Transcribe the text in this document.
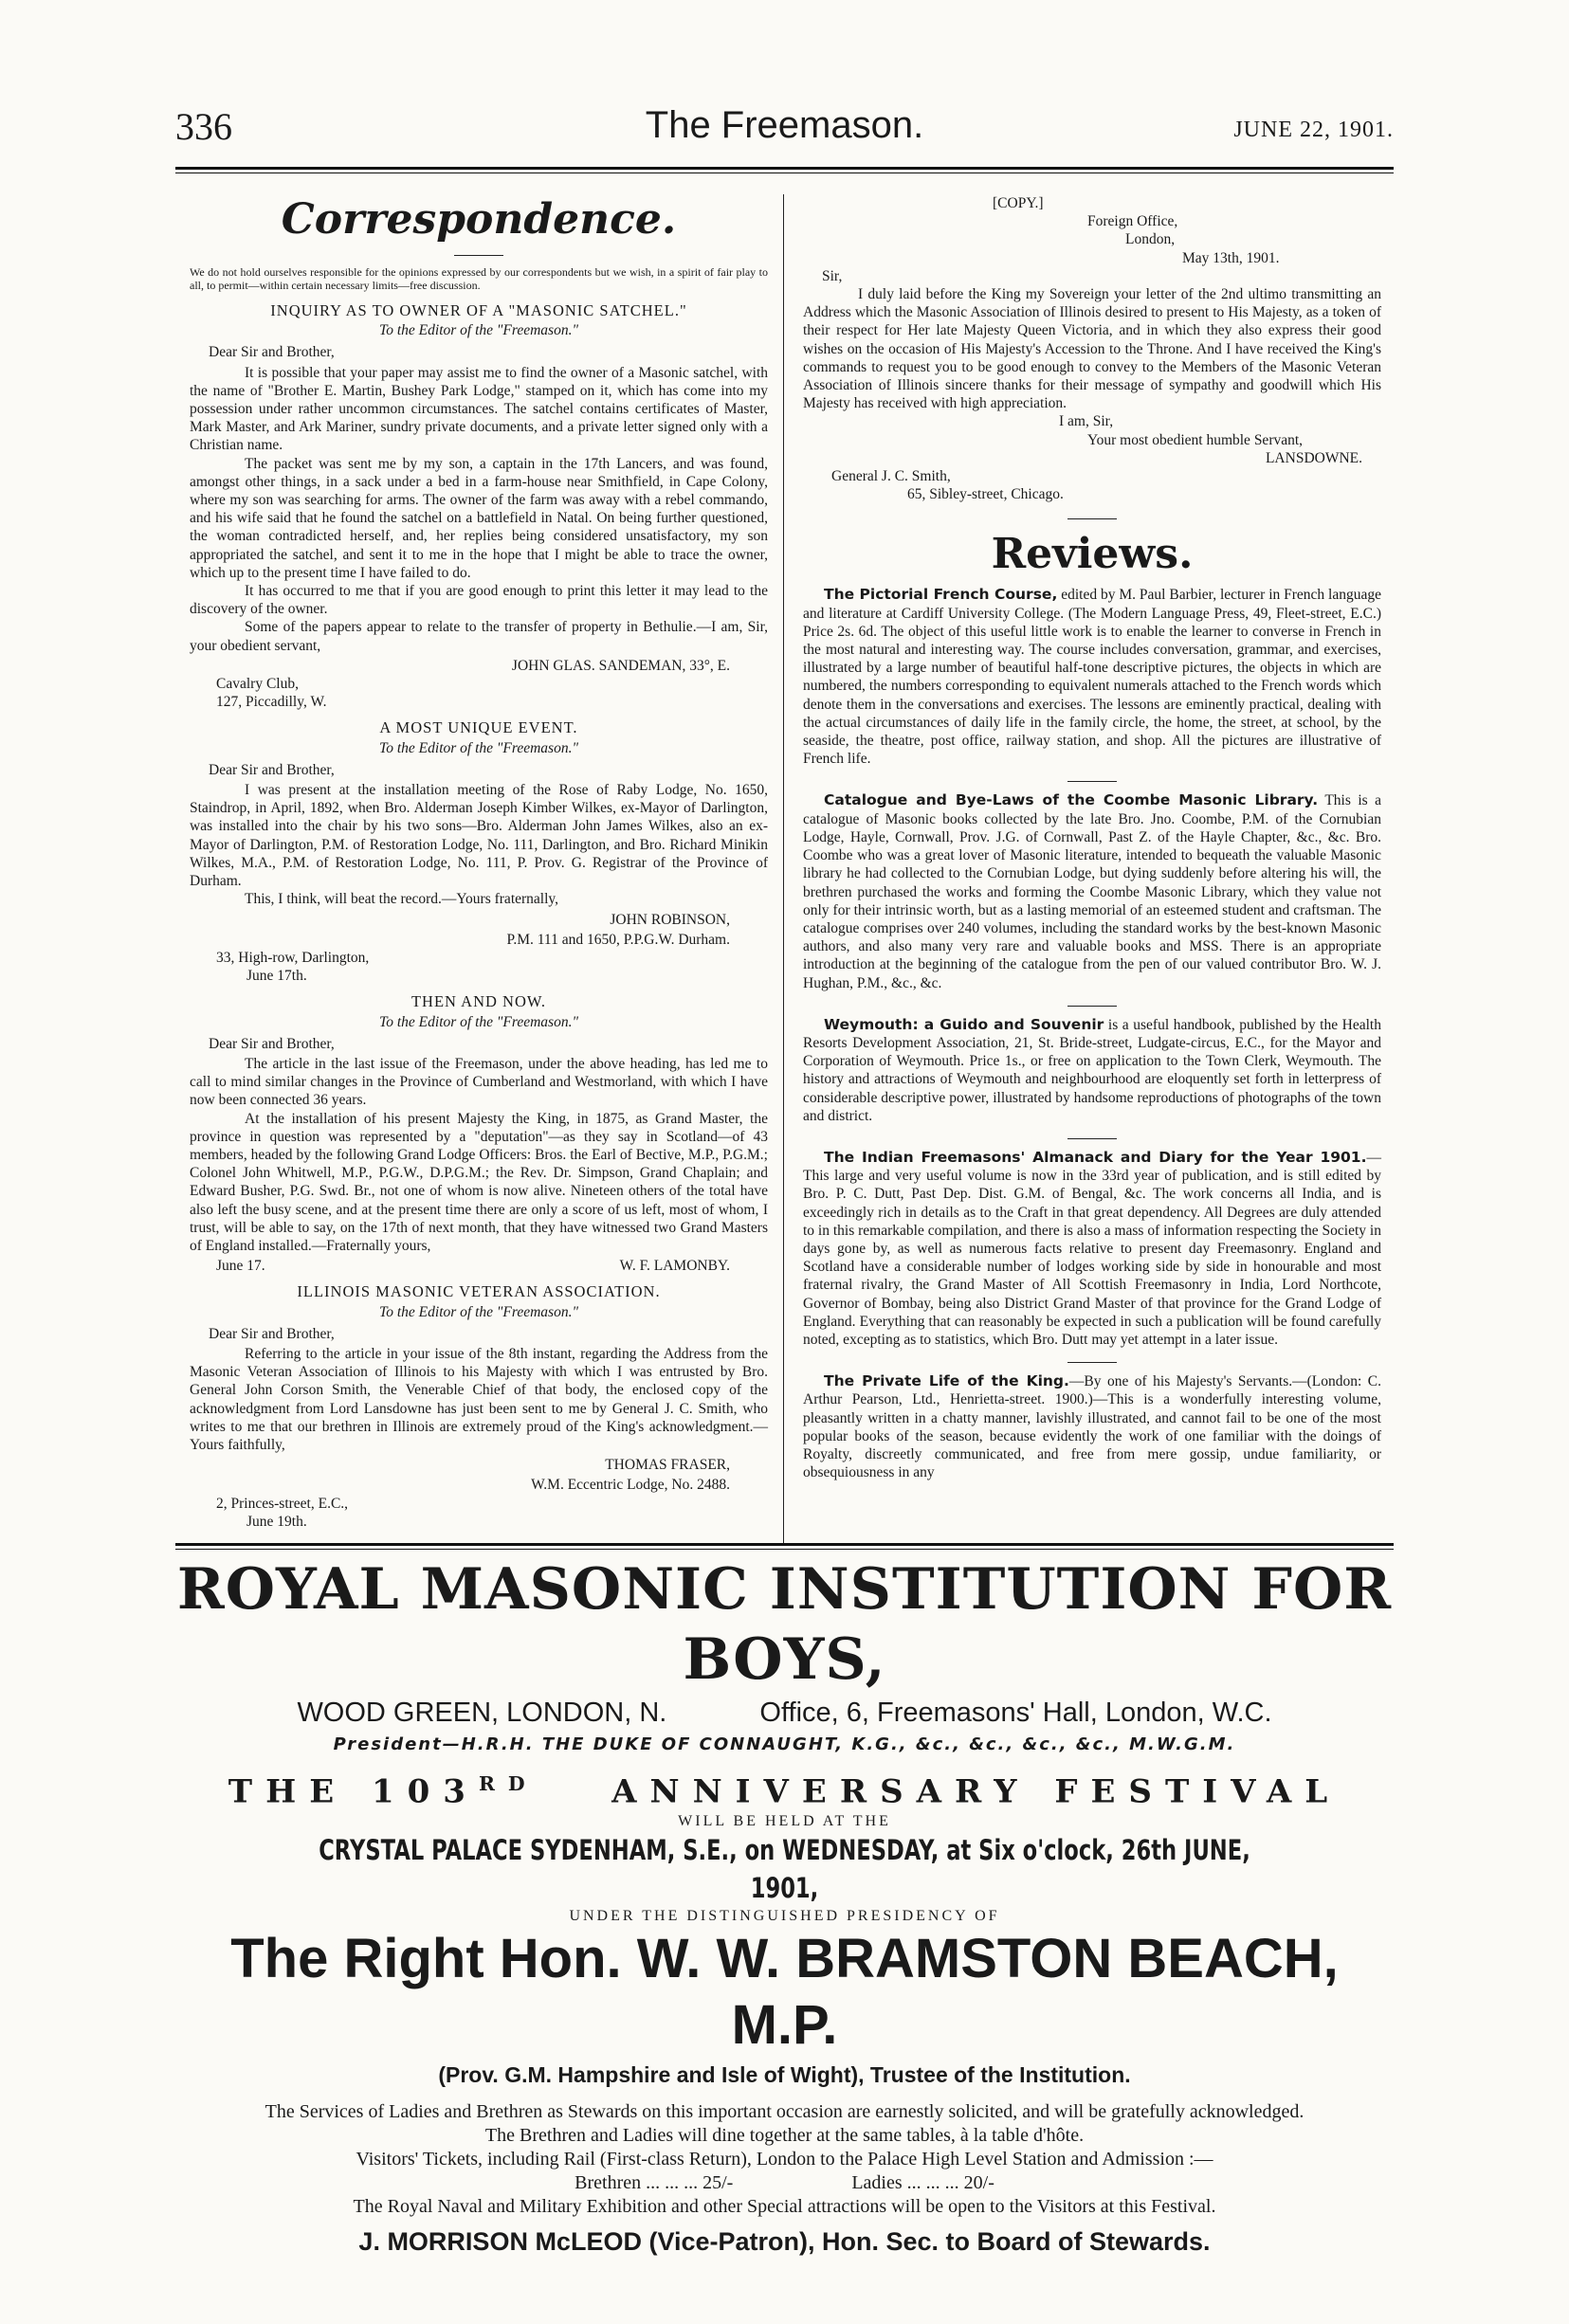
336	The Freemason.	JUNE 22, 1901.
Correspondence.
We do not hold ourselves responsible for the opinions expressed by our correspondents but we wish, in a spirit of fair play to all, to permit—within certain necessary limits—free discussion.
INQUIRY AS TO OWNER OF A "MASONIC SATCHEL."
To the Editor of the "Freemason."
Dear Sir and Brother,

It is possible that your paper may assist me to find the owner of a Masonic satchel, with the name of "Brother E. Martin, Bushey Park Lodge," stamped on it, which has come into my possession under rather uncommon circumstances. The satchel contains certificates of Master, Mark Master, and Ark Mariner, sundry private documents, and a private letter signed only with a Christian name.

The packet was sent me by my son, a captain in the 17th Lancers, and was found, amongst other things, in a sack under a bed in a farm-house near Smithfield, in Cape Colony, where my son was searching for arms. The owner of the farm was away with a rebel commando, and his wife said that he found the satchel on a battlefield in Natal. On being further questioned, the woman contradicted herself, and, her replies being considered unsatisfactory, my son appropriated the satchel, and sent it to me in the hope that I might be able to trace the owner, which up to the present time I have failed to do.

It has occurred to me that if you are good enough to print this letter it may lead to the discovery of the owner.

Some of the papers appear to relate to the transfer of property in Bethulie.—I am, Sir, your obedient servant,

JOHN GLAS. SANDEMAN, 33°, E.
Cavalry Club,
127, Piccadilly, W.
A MOST UNIQUE EVENT.
To the Editor of the "Freemason."
Dear Sir and Brother,

I was present at the installation meeting of the Rose of Raby Lodge, No. 1650, Staindrop, in April, 1892, when Bro. Alderman Joseph Kimber Wilkes, ex-Mayor of Darlington, was installed into the chair by his two sons—Bro. Alderman John James Wilkes, also an ex-Mayor of Darlington, P.M. of Restoration Lodge, No. 111, Darlington, and Bro. Richard Minikin Wilkes, M.A., P.M. of Restoration Lodge, No. 111, P. Prov. G. Registrar of the Province of Durham.

This, I think, will beat the record.—Yours fraternally,

JOHN ROBINSON,
P.M. 111 and 1650, P.P.G.W. Durham.
33, High-row, Darlington,
June 17th.
THEN AND NOW.
To the Editor of the "Freemason."
Dear Sir and Brother,

The article in the last issue of the Freemason, under the above heading, has led me to call to mind similar changes in the Province of Cumberland and Westmorland, with which I have now been connected 36 years.

At the installation of his present Majesty the King, in 1875, as Grand Master, the province in question was represented by a "deputation"—as they say in Scotland—of 43 members, headed by the following Grand Lodge Officers: Bros. the Earl of Bective, M.P., P.G.M.; Colonel John Whitwell, M.P., P.G.W., D.P.G.M.; the Rev. Dr. Simpson, Grand Chaplain; and Edward Busher, P.G. Swd. Br., not one of whom is now alive. Nineteen others of the total have also left the busy scene, and at the present time there are only a score of us left, most of whom, I trust, will be able to say, on the 17th of next month, that they have witnessed two Grand Masters of England installed.—Fraternally yours,

June 17.	W. F. LAMONBY.
ILLINOIS MASONIC VETERAN ASSOCIATION.
To the Editor of the "Freemason."
Dear Sir and Brother,

Referring to the article in your issue of the 8th instant, regarding the Address from the Masonic Veteran Association of Illinois to his Majesty with which I was entrusted by Bro. General John Corson Smith, the Venerable Chief of that body, the enclosed copy of the acknowledgment from Lord Lansdowne has just been sent to me by General J. C. Smith, who writes to me that our brethren in Illinois are extremely proud of the King's acknowledgment.—Yours faithfully,

THOMAS FRASER,
W.M. Eccentric Lodge, No. 2488.
2, Princes-street, E.C.,
June 19th.
[COPY.]
Foreign Office,
London,
May 13th, 1901.
Sir,

I duly laid before the King my Sovereign your letter of the 2nd ultimo transmitting an Address which the Masonic Association of Illinois desired to present to His Majesty, as a token of their respect for Her late Majesty Queen Victoria, and in which they also express their good wishes on the occasion of His Majesty's Accession to the Throne. And I have received the King's commands to request you to be good enough to convey to the Members of the Masonic Veteran Association of Illinois sincere thanks for their message of sympathy and goodwill which His Majesty has received with high appreciation.

I am, Sir,
Your most obedient humble Servant,
LANSDOWNE.
General J. C. Smith,
65, Sibley-street, Chicago.
Reviews.

The Pictorial French Course, edited by M. Paul Barbier, lecturer in French language and literature at Cardiff University College. (The Modern Language Press, 49, Fleet-street, E.C.) Price 2s. 6d. The object of this useful little work is to enable the learner to converse in French in the most natural and interesting way. The course includes conversation, grammar, and exercises, illustrated by a large number of beautiful half-tone descriptive pictures, the objects in which are numbered, the numbers corresponding to equivalent numerals attached to the French words which denote them in the conversations and exercises. The lessons are eminently practical, dealing with the actual circumstances of daily life in the family circle, the home, the street, at school, by the seaside, the theatre, post office, railway station, and shop. All the pictures are illustrative of French life.

Catalogue and Bye-Laws of the Coombe Masonic Library. This is a catalogue of Masonic books collected by the late Bro. Jno. Coombe, P.M. of the Cornubian Lodge, Hayle, Cornwall, Prov. J.G. of Cornwall, Past Z. of the Hayle Chapter, &c., &c. Bro. Coombe who was a great lover of Masonic literature, intended to bequeath the valuable Masonic library he had collected to the Cornubian Lodge, but dying suddenly before altering his will, the brethren purchased the works and forming the Coombe Masonic Library, which they value not only for their intrinsic worth, but as a lasting memorial of an esteemed student and craftsman. The catalogue comprises over 240 volumes, including the standard works by the best-known Masonic authors, and also many very rare and valuable books and MSS. There is an appropriate introduction at the beginning of the catalogue from the pen of our valued contributor Bro. W. J. Hughan, P.M., &c., &c.

Weymouth: a Guido and Souvenir is a useful handbook, published by the Health Resorts Development Association, 21, St. Bride-street, Ludgate-circus, E.C., for the Mayor and Corporation of Weymouth. Price 1s., or free on application to the Town Clerk, Weymouth. The history and attractions of Weymouth and neighbourhood are eloquently set forth in letterpress of considerable descriptive power, illustrated by handsome reproductions of photographs of the town and district.

The Indian Freemasons' Almanack and Diary for the Year 1901.—This large and very useful volume is now in the 33rd year of publication, and is still edited by Bro. P. C. Dutt, Past Dep. Dist. G.M. of Bengal, &c. The work concerns all India, and is exceedingly rich in details as to the Craft in that great dependency. All Degrees are duly attended to in this remarkable compilation, and there is also a mass of information respecting the Society in days gone by, as well as numerous facts relative to present day Freemasonry. England and Scotland have a considerable number of lodges working side by side in honourable and most fraternal rivalry, the Grand Master of All Scottish Freemasonry in India, Lord Northcote, Governor of Bombay, being also District Grand Master of that province for the Grand Lodge of England. Everything that can reasonably be expected in such a publication will be found carefully noted, excepting as to statistics, which Bro. Dutt may yet attempt in a later issue.

The Private Life of the King.—By one of his Majesty's Servants.—(London: C. Arthur Pearson, Ltd., Henrietta-street. 1900.)—This is a wonderfully interesting volume, pleasantly written in a chatty manner, lavishly illustrated, and cannot fail to be one of the most popular books of the season, because evidently the work of one familiar with the doings of Royalty, discreetly communicated, and free from mere gossip, undue familiarity, or obsequiousness in any

ROYAL MASONIC INSTITUTION FOR BOYS,
WOOD GREEN, LONDON, N.	Office, 6, Freemasons' Hall, London, W.C.
President—H.R.H. THE DUKE OF CONNAUGHT, K.G., &c., &c., &c., &c., M.W.G.M.
THE 103RD ANNIVERSARY FESTIVAL
WILL BE HELD AT THE
CRYSTAL PALACE SYDENHAM, S.E., on WEDNESDAY, at Six o'clock, 26th JUNE, 1901,
UNDER THE DISTINGUISHED PRESIDENCY OF
The Right Hon. W. W. BRAMSTON BEACH, M.P.
(Prov. G.M. Hampshire and Isle of Wight), Trustee of the Institution.
The Services of Ladies and Brethren as Stewards on this important occasion are earnestly solicited, and will be gratefully acknowledged.
The Brethren and Ladies will dine together at the same tables, à la table d'hôte.
Visitors' Tickets, including Rail (First-class Return), London to the Palace High Level Station and Admission :—
Brethren ... ... ... 25/-	Ladies ... ... ... 20/-
The Royal Naval and Military Exhibition and other Special attractions will be open to the Visitors at this Festival.
J. MORRISON McLEOD (Vice-Patron), Hon. Sec. to Board of Stewards.
